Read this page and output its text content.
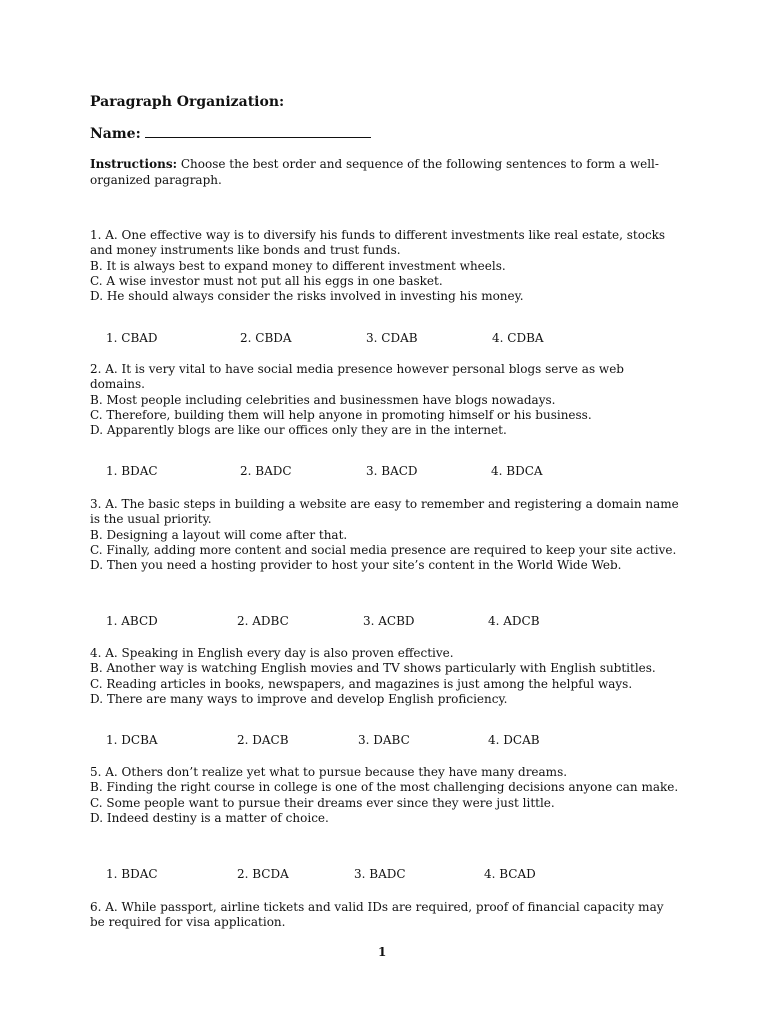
Paragraph Organization:
Name:
Instructions: Choose the best order and sequence of the following sentences to form a well-organized paragraph.
1. A. One effective way is to diversify his funds to different investments like real estate, stocks and money instruments like bonds and trust funds.
B. It is always best to expand money to different investment wheels.
C. A wise investor must not put all his eggs in one basket.
D. He should always consider the risks involved in investing his money.
1. CBAD	2. CBDA	3. CDAB	4. CDBA
2. A. It is very vital to have social media presence however personal blogs serve as web domains.
B. Most people including celebrities and businessmen have blogs nowadays.
C. Therefore, building them will help anyone in promoting himself or his business.
D. Apparently blogs are like our offices only they are in the internet.
1. BDAC	2. BADC	3. BACD	4. BDCA
3. A. The basic steps in building a website are easy to remember and registering a domain name is the usual priority.
B. Designing a layout will come after that.
C. Finally, adding more content and social media presence are required to keep your site active.
D. Then you need a hosting provider to host your site’s content in the World Wide Web.
1. ABCD	2. ADBC	3. ACBD	4. ADCB
4. A. Speaking in English every day is also proven effective.
B. Another way is watching English movies and TV shows particularly with English subtitles.
C. Reading articles in books, newspapers, and magazines is just among the helpful ways.
D. There are many ways to improve and develop English proficiency.
1. DCBA	2. DACB	3. DABC	4. DCAB
5. A. Others don’t realize yet what to pursue because they have many dreams.
B. Finding the right course in college is one of the most challenging decisions anyone can make.
C. Some people want to pursue their dreams ever since they were just little.
D. Indeed destiny is a matter of choice.
1. BDAC	2. BCDA	3. BADC	4. BCAD
6. A. While passport, airline tickets and valid IDs are required, proof of financial capacity may be required for visa application.
1
